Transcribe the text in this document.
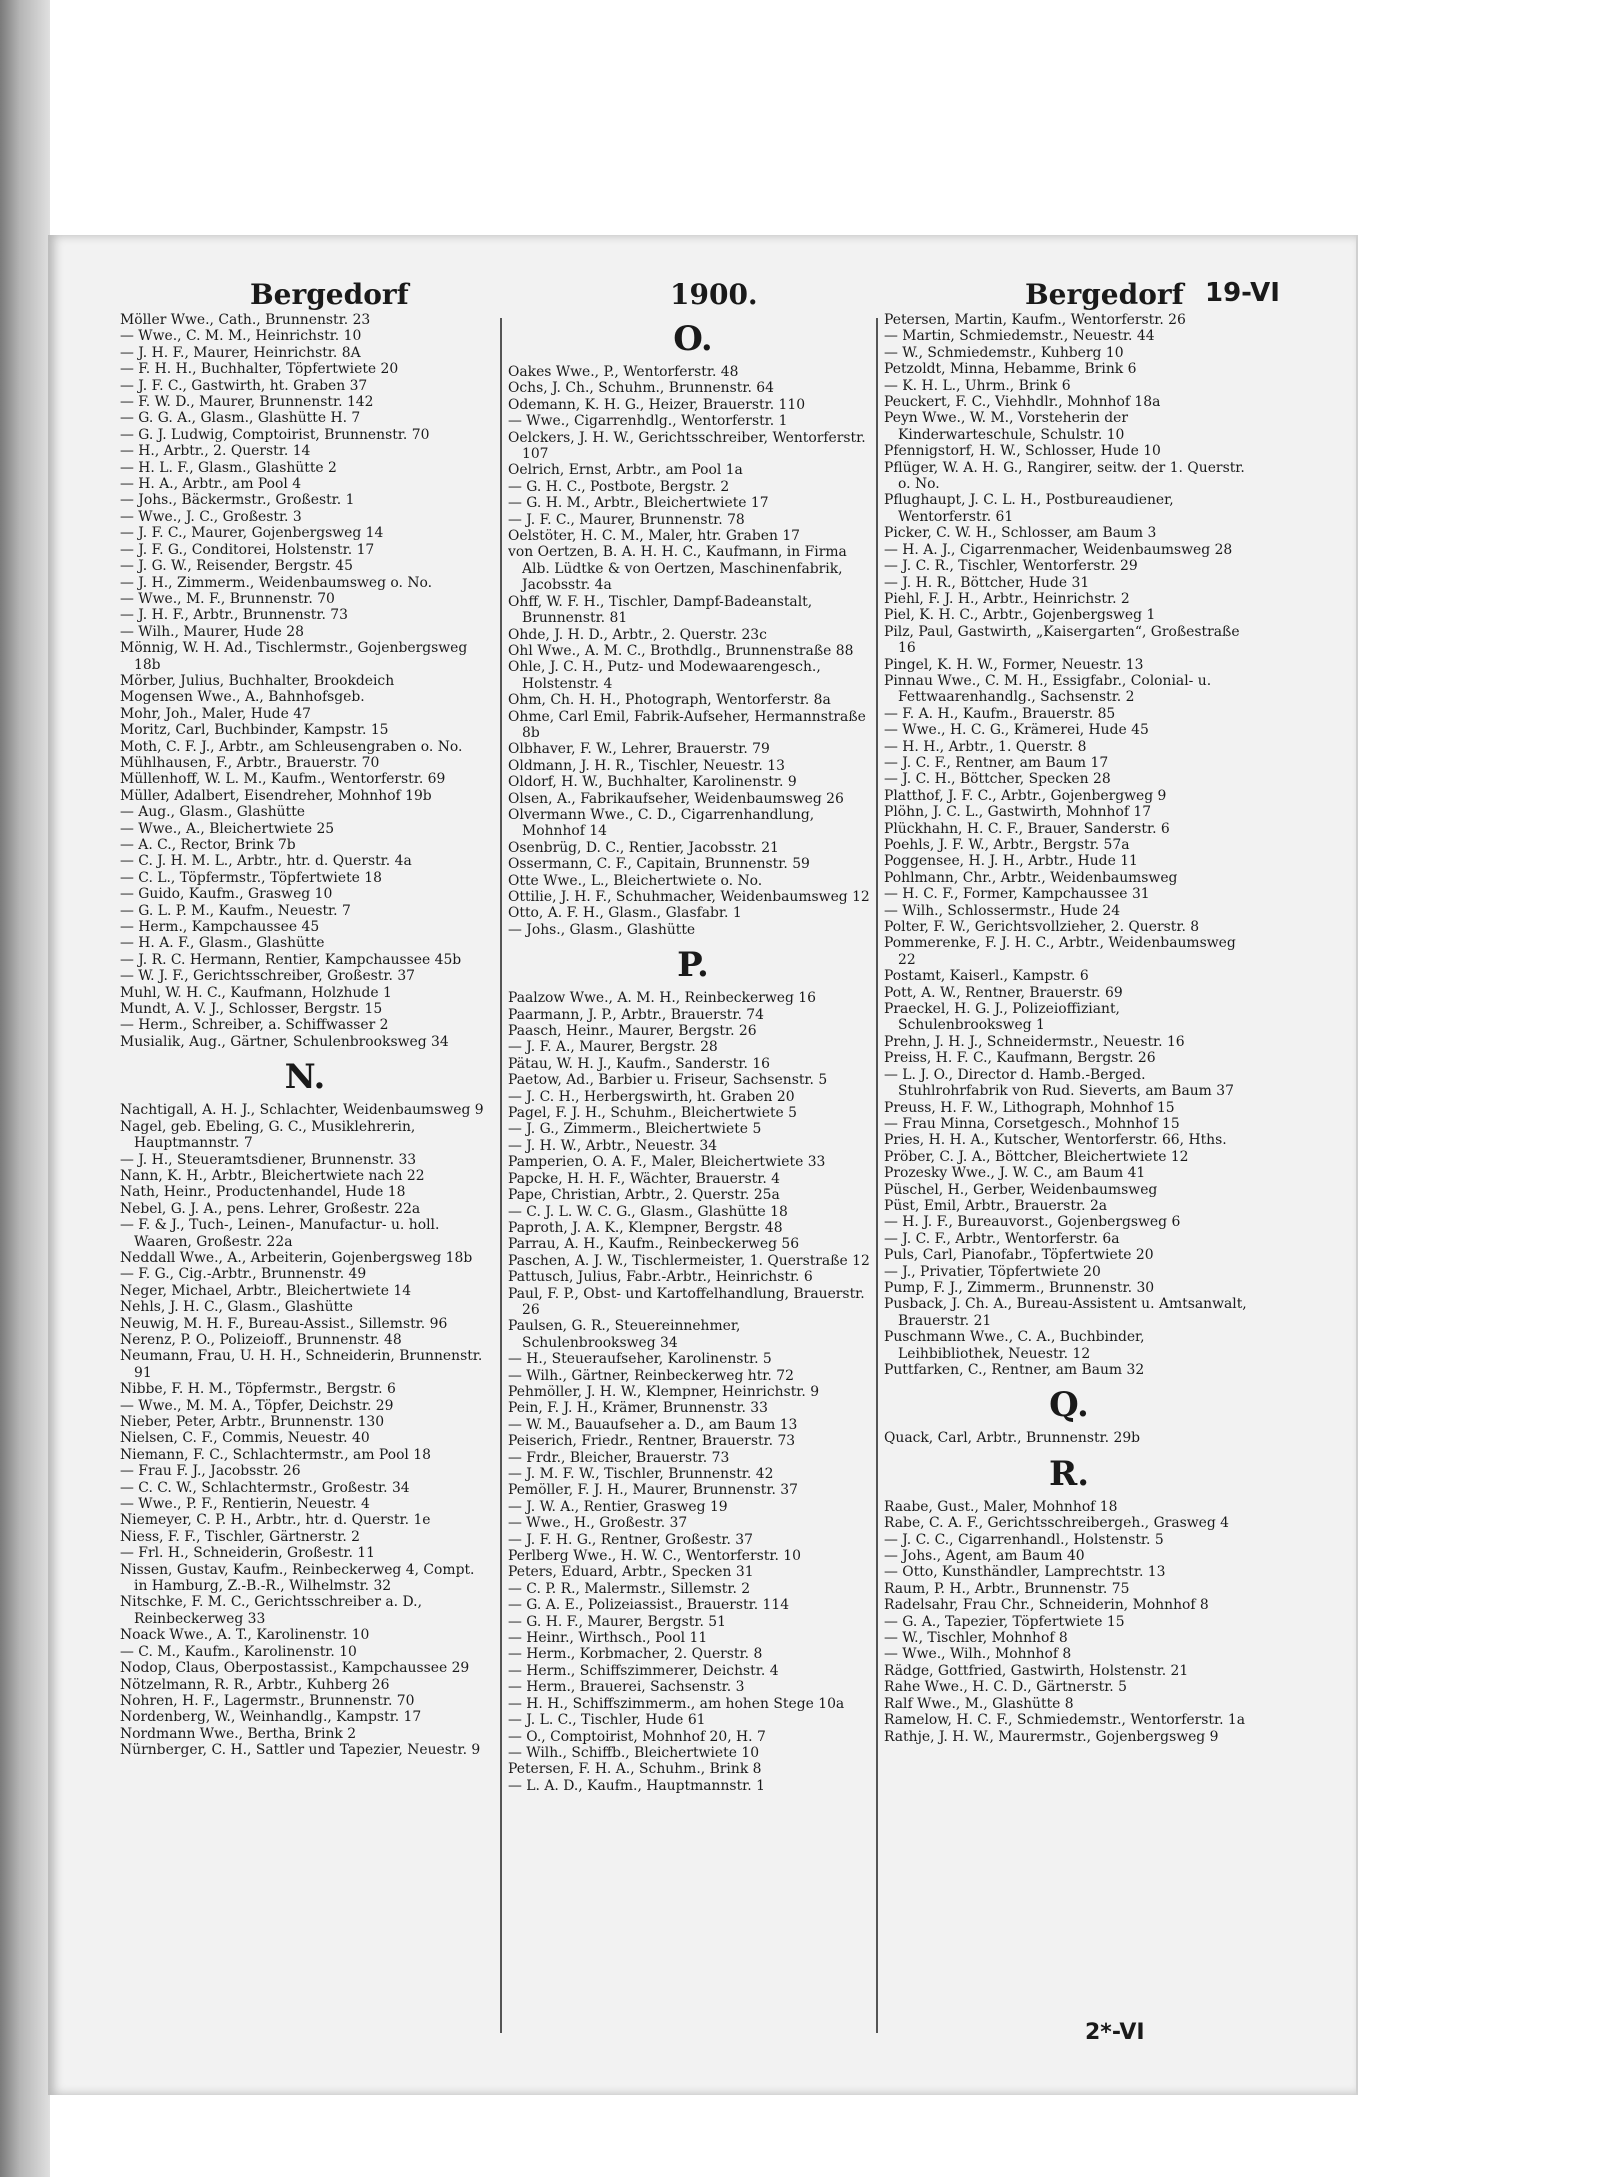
Bergedorf	1900.	Bergedorf 19-VI
Möller Wwe., Cath., Brunnenstr. 23
— Wwe., C. M. M., Heinrichstr. 10
— J. H. F., Maurer, Heinrichstr. 8A
— F. H. H., Buchhalter, Töpfertwiete 20
— J. F. C., Gastwirth, ht. Graben 37
— F. W. D., Maurer, Brunnenstr. 142
— G. G. A., Glasm., Glashütte H. 7
— G. J. Ludwig, Comptoirist, Brunnenstr. 70
— H., Arbtr., 2. Querstr. 14
— H. L. F., Glasm., Glashütte 2
— H. A., Arbtr., am Pool 4
— Johs., Bäckermstr., Großestr. 1
— Wwe., J. C., Großestr. 3
— J. F. C., Maurer, Gojenbergsweg 14
— J. F. G., Conditorei, Holstenstr. 17
— J. G. W., Reisender, Bergstr. 45
— J. H., Zimmerm., Weidenbaumsweg o. No.
— Wwe., M. F., Brunnenstr. 70
— J. H. F., Arbtr., Brunnenstr. 73
— Wilh., Maurer, Hude 28
Mönnig, W. H. Ad., Tischlermstr., Gojenbergsweg 18b
Mörber, Julius, Buchhalter, Brookdeich
Mogensen Wwe., A., Bahnhofsgeb.
Mohr, Joh., Maler, Hude 47
Moritz, Carl, Buchbinder, Kampstr. 15
Moth, C. F. J., Arbtr., am Schleusengraben o. No.
Mühlhausen, F., Arbtr., Brauerstr. 70
Müllenhoff, W. L. M., Kaufm., Wentorferstr. 69
Müller, Adalbert, Eisendreher, Mohnhof 19b
— Aug., Glasm., Glashütte
— Wwe., A., Bleichertwiete 25
— A. C., Rector, Brink 7b
— C. J. H. M. L., Arbtr., htr. d. Querstr. 4a
— C. L., Töpfermstr., Töpfertwiete 18
— Guido, Kaufm., Grasweg 10
— G. L. P. M., Kaufm., Neuestr. 7
— Herm., Kampchaussee 45
— H. A. F., Glasm., Glashütte
— J. R. C. Hermann, Rentier, Kampchaussee 45b
— W. J. F., Gerichtsschreiber, Großestr. 37
Muhl, W. H. C., Kaufmann, Holzhude 1
Mundt, A. V. J., Schlosser, Bergstr. 15
— Herm., Schreiber, a. Schiffwasser 2
Musialik, Aug., Gärtner, Schulenbrooksweg 34
N.
Nachtigall, A. H. J., Schlachter, Weidenbaumsweg 9
Nagel, geb. Ebeling, G. C., Musiklehrerin, Hauptmannstr. 7
— J. H., Steueramtsdiener, Brunnenstr. 33
Nann, K. H., Arbtr., Bleichertwiete nach 22
Nath, Heinr., Productenhandel, Hude 18
Nebel, G. J. A., pens. Lehrer, Großestr. 22a
— F. & J., Tuch-, Leinen-, Manufactur- u. holl. Waaren, Großestr. 22a
Neddall Wwe., A., Arbeiterin, Gojenbergsweg 18b
— F. G., Cig.-Arbtr., Brunnenstr. 49
Neger, Michael, Arbtr., Bleichertwiete 14
Nehls, J. H. C., Glasm., Glashütte
Neuwig, M. H. F., Bureau-Assist., Sillemstr. 96
Nerenz, P. O., Polizeioff., Brunnenstr. 48
Neumann, Frau, U. H. H., Schneiderin, Brunnenstr. 91
Nibbe, F. H. M., Töpfermstr., Bergstr. 6
— Wwe., M. M. A., Töpfer, Deichstr. 29
Nieber, Peter, Arbtr., Brunnenstr. 130
Nielsen, C. F., Commis, Neuestr. 40
Niemann, F. C., Schlachtermstr., am Pool 18
— Frau F. J., Jacobsstr. 26
— C. C. W., Schlachtermstr., Großestr. 34
— Wwe., P. F., Rentierin, Neuestr. 4
Niemeyer, C. P. H., Arbtr., htr. d. Querstr. 1e
Niess, F. F., Tischler, Gärtnerstr. 2
— Frl. H., Schneiderin, Großestr. 11
Nissen, Gustav, Kaufm., Reinbeckerweg 4, Compt. in Hamburg, Z.-B.-R., Wilhelmstr. 32
Nitschke, F. M. C., Gerichtsschreiber a. D., Reinbeckerweg 33
Noack Wwe., A. T., Karolinenstr. 10
— C. M., Kaufm., Karolinenstr. 10
Nodop, Claus, Oberpostassist., Kampchaussee 29
Nötzelmann, R. R., Arbtr., Kuhberg 26
Nohren, H. F., Lagermstr., Brunnenstr. 70
Nordenberg, W., Weinhandlg., Kampstr. 17
Nordmann Wwe., Bertha, Brink 2
Nürnberger, C. H., Sattler und Tapezier, Neuestr. 9
O.
Oakes Wwe., P., Wentorferstr. 48
Ochs, J. Ch., Schuhm., Brunnenstr. 64
Odemann, K. H. G., Heizer, Brauerstr. 110
— Wwe., Cigarrenhdlg., Wentorferstr. 1
Oelckers, J. H. W., Gerichtsschreiber, Wentorferstr. 107
Oelrich, Ernst, Arbtr., am Pool 1a
— G. H. C., Postbote, Bergstr. 2
— G. H. M., Arbtr., Bleichertwiete 17
— J. F. C., Maurer, Brunnenstr. 78
Oelstöter, H. C. M., Maler, htr. Graben 17
von Oertzen, B. A. H. H. C., Kaufmann, in Firma Alb. Lüdtke & von Oertzen, Maschinenfabrik, Jacobsstr. 4a
Ohff, W. F. H., Tischler, Dampf-Badeanstalt, Brunnenstr. 81
Ohde, J. H. D., Arbtr., 2. Querstr. 23c
Ohl Wwe., A. M. C., Brothdlg., Brunnenstraße 88
Ohle, J. C. H., Putz- und Modewaarengesch., Holstenstr. 4
Ohm, Ch. H. H., Photograph, Wentorferstr. 8a
Ohme, Carl Emil, Fabrik-Aufseher, Hermannstraße 8b
Olbhaver, F. W., Lehrer, Brauerstr. 79
Oldmann, J. H. R., Tischler, Neuestr. 13
Oldorf, H. W., Buchhalter, Karolinenstr. 9
Olsen, A., Fabrikaufseher, Weidenbaumsweg 26
Olvermann Wwe., C. D., Cigarrenhandlung, Mohnhof 14
Osenbrüg, D. C., Rentier, Jacobsstr. 21
Ossermann, C. F., Capitain, Brunnenstr. 59
Otte Wwe., L., Bleichertwiete o. No.
Ottilie, J. H. F., Schuhmacher, Weidenbaumsweg 12
Otto, A. F. H., Glasm., Glasfabr. 1
— Johs., Glasm., Glashütte
P.
Paalzow Wwe., A. M. H., Reinbeckerweg 16
Paarmann, J. P., Arbtr., Brauerstr. 74
Paasch, Heinr., Maurer, Bergstr. 26
— J. F. A., Maurer, Bergstr. 28
Pätau, W. H. J., Kaufm., Sanderstr. 16
Paetow, Ad., Barbier u. Friseur, Sachsenstr. 5
— J. C. H., Herbergswirth, ht. Graben 20
Pagel, F. J. H., Schuhm., Bleichertwiete 5
— J. G., Zimmerm., Bleichertwiete 5
— J. H. W., Arbtr., Neuestr. 34
Pamperien, O. A. F., Maler, Bleichertwiete 33
Papcke, H. H. F., Wächter, Brauerstr. 4
Pape, Christian, Arbtr., 2. Querstr. 25a
— C. J. L. W. C. G., Glasm., Glashütte 18
Paproth, J. A. K., Klempner, Bergstr. 48
Parrau, A. H., Kaufm., Reinbeckerweg 56
Paschen, A. J. W., Tischlermeister, 1. Querstraße 12
Pattusch, Julius, Fabr.-Arbtr., Heinrichstr. 6
Paul, F. P., Obst- und Kartoffelhandlung, Brauerstr. 26
Paulsen, G. R., Steuereinnehmer, Schulenbrooksweg 34
— H., Steueraufseher, Karolinenstr. 5
— Wilh., Gärtner, Reinbeckerweg htr. 72
Pehmöller, J. H. W., Klempner, Heinrichstr. 9
Pein, F. J. H., Krämer, Brunnenstr. 33
— W. M., Bauaufseher a. D., am Baum 13
Peiserich, Friedr., Rentner, Brauerstr. 73
— Frdr., Bleicher, Brauerstr. 73
— J. M. F. W., Tischler, Brunnenstr. 42
Pemöller, F. J. H., Maurer, Brunnenstr. 37
— J. W. A., Rentier, Grasweg 19
— Wwe., H., Großestr. 37
— J. F. H. G., Rentner, Großestr. 37
Perlberg Wwe., H. W. C., Wentorferstr. 10
Peters, Eduard, Arbtr., Specken 31
— C. P. R., Malermstr., Sillemstr. 2
— G. A. E., Polizeiassist., Brauerstr. 114
— G. H. F., Maurer, Bergstr. 51
— Heinr., Wirthsch., Pool 11
— Herm., Korbmacher, 2. Querstr. 8
— Herm., Schiffszimmerer, Deichstr. 4
— Herm., Brauerei, Sachsenstr. 3
— H. H., Schiffszimmerm., am hohen Stege 10a
— J. L. C., Tischler, Hude 61
— O., Comptoirist, Mohnhof 20, H. 7
— Wilh., Schiffb., Bleichertwiete 10
Petersen, F. H. A., Schuhm., Brink 8
— L. A. D., Kaufm., Hauptmannstr. 1
Petersen, Martin, Kaufm., Wentorferstr. 26
— Martin, Schmiedemstr., Neuestr. 44
— W., Schmiedemstr., Kuhberg 10
Petzoldt, Minna, Hebamme, Brink 6
— K. H. L., Uhrm., Brink 6
Peuckert, F. C., Viehhdlr., Mohnhof 18a
Peyn Wwe., W. M., Vorsteherin der Kinderwarteschule, Schulstr. 10
Pfennigstorf, H. W., Schlosser, Hude 10
Pflüger, W. A. H. G., Rangirer, seitw. der 1. Querstr. o. No.
Pflughaupt, J. C. L. H., Postbureaudiener, Wentorferstr. 61
Picker, C. W. H., Schlosser, am Baum 3
— H. A. J., Cigarrenmacher, Weidenbaumsweg 28
— J. C. R., Tischler, Wentorferstr. 29
— J. H. R., Böttcher, Hude 31
Piehl, F. J. H., Arbtr., Heinrichstr. 2
Piel, K. H. C., Arbtr., Gojenbergsweg 1
Pilz, Paul, Gastwirth, „Kaisergarten“, Großestraße 16
Pingel, K. H. W., Former, Neuestr. 13
Pinnau Wwe., C. M. H., Essigfabr., Colonial- u. Fettwaarenhandlg., Sachsenstr. 2
— F. A. H., Kaufm., Brauerstr. 85
— Wwe., H. C. G., Krämerei, Hude 45
— H. H., Arbtr., 1. Querstr. 8
— J. C. F., Rentner, am Baum 17
— J. C. H., Böttcher, Specken 28
Platthof, J. F. C., Arbtr., Gojenbergweg 9
Plöhn, J. C. L., Gastwirth, Mohnhof 17
Plückhahn, H. C. F., Brauer, Sanderstr. 6
Poehls, J. F. W., Arbtr., Bergstr. 57a
Poggensee, H. J. H., Arbtr., Hude 11
Pohlmann, Chr., Arbtr., Weidenbaumsweg
— H. C. F., Former, Kampchaussee 31
— Wilh., Schlossermstr., Hude 24
Polter, F. W., Gerichtsvollzieher, 2. Querstr. 8
Pommerenke, F. J. H. C., Arbtr., Weidenbaumsweg 22
Postamt, Kaiserl., Kampstr. 6
Pott, A. W., Rentner, Brauerstr. 69
Praeckel, H. G. J., Polizeioffizіant, Schulenbrooksweg 1
Prehn, J. H. J., Schneidermstr., Neuestr. 16
Preiss, H. F. C., Kaufmann, Bergstr. 26
— L. J. O., Director d. Hamb.-Berged. Stuhlrohrfabrik von Rud. Sieverts, am Baum 37
Preuss, H. F. W., Lithograph, Mohnhof 15
— Frau Minna, Corsetgesch., Mohnhof 15
Pries, H. H. A., Kutscher, Wentorferstr. 66, Hths.
Pröber, C. J. A., Böttcher, Bleichertwiete 12
Prozesky Wwe., J. W. C., am Baum 41
Püschel, H., Gerber, Weidenbaumsweg
Püst, Emil, Arbtr., Brauerstr. 2a
— H. J. F., Bureauvorst., Gojenbergsweg 6
— J. C. F., Arbtr., Wentorferstr. 6a
Puls, Carl, Pianofabr., Töpfertwiete 20
— J., Privatier, Töpfertwiete 20
Pump, F. J., Zimmerm., Brunnenstr. 30
Pusback, J. Ch. A., Bureau-Assistent u. Amtsanwalt, Brauerstr. 21
Puschmann Wwe., C. A., Buchbinder, Leihbibliothek, Neuestr. 12
Puttfarken, C., Rentner, am Baum 32
Q.
Quack, Carl, Arbtr., Brunnenstr. 29b
R.
Raabe, Gust., Maler, Mohnhof 18
Rabe, C. A. F., Gerichtsschreibergeh., Grasweg 4
— J. C. C., Cigarrenhandl., Holstenstr. 5
— Johs., Agent, am Baum 40
— Otto, Kunsthändler, Lamprechtstr. 13
Raum, P. H., Arbtr., Brunnenstr. 75
Radelsahr, Frau Chr., Schneiderin, Mohnhof 8
— G. A., Tapezier, Töpfertwiete 15
— W., Tischler, Mohnhof 8
— Wwe., Wilh., Mohnhof 8
Rädge, Gottfried, Gastwirth, Holstenstr. 21
Rahe Wwe., H. C. D., Gärtnerstr. 5
Ralf Wwe., M., Glashütte 8
Ramelow, H. C. F., Schmiedemstr., Wentorferstr. 1a
Rathje, J. H. W., Maurermstr., Gojenbergsweg 9
2*-VI
